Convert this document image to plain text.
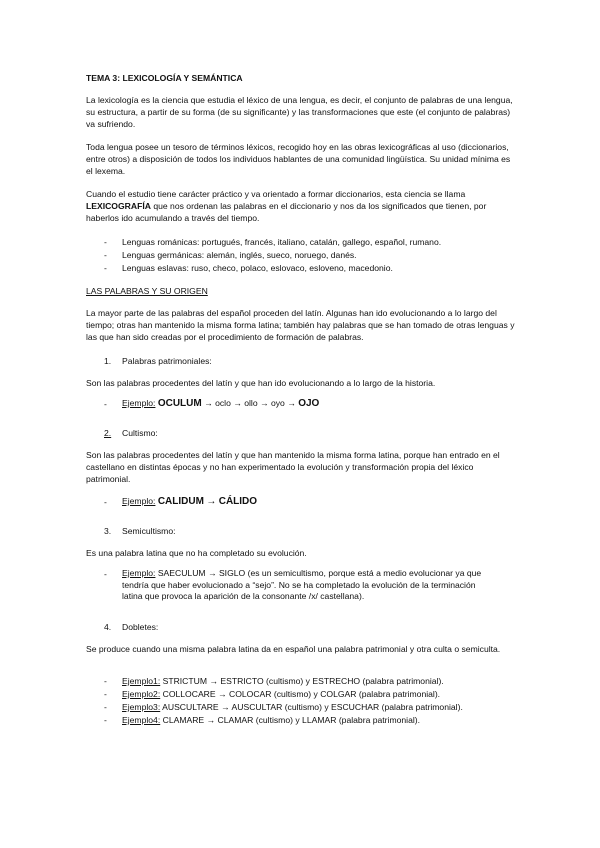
TEMA 3: LEXICOLOGÍA Y SEMÁNTICA

La lexicología es la ciencia que estudia el léxico de una lengua, es decir, el conjunto de palabras de una lengua, su estructura, a partir de su forma (de su significante) y las transformaciones que este (el conjunto de palabras) va sufriendo.

Toda lengua posee un tesoro de términos léxicos, recogido hoy en las obras lexicográficas al uso (diccionarios, entre otros) a disposición de todos los individuos hablantes de una comunidad lingüística. Su unidad mínima es el lexema.

Cuando el estudio tiene carácter práctico y va orientado a formar diccionarios, esta ciencia se llama LEXICOGRAFÍA que nos ordenan las palabras en el diccionario y nos da los significados que tienen, por haberlos ido acumulando a través del tiempo.

- Lenguas románicas: portugués, francés, italiano, catalán, gallego, español, rumano.
- Lenguas germánicas: alemán, inglés, sueco, noruego, danés.
- Lenguas eslavas: ruso, checo, polaco, eslovaco, esloveno, macedonio.

LAS PALABRAS Y SU ORIGEN

La mayor parte de las palabras del español proceden del latín. Algunas han ido evolucionando a lo largo del tiempo; otras han mantenido la misma forma latina; también hay palabras que se han tomado de otras lenguas y las que han sido creadas por el procedimiento de formación de palabras.

1. Palabras patrimoniales:

Son las palabras procedentes del latín y que han ido evolucionando a lo largo de la historia.

- Ejemplo: OCULUM → oclo → ollo → oyo → OJO
2. Cultismo:

Son las palabras procedentes del latín y que han mantenido la misma forma latina, porque han entrado en el castellano en distintas épocas y no han experimentado la evolución y transformación propia del léxico patrimonial.

- Ejemplo: CALIDUM → CÁLIDO
3. Semicultismo:

Es una palabra latina que no ha completado su evolución.

- Ejemplo: SAECULUM → SIGLO (es un semicultismo, porque está a medio evolucionar ya que tendría que haber evolucionado a “sejo”. No se ha completado la evolución de la terminación latina que provoca la aparición de la consonante /x/ castellana).
4. Dobletes:

Se produce cuando una misma palabra latina da en español una palabra patrimonial y otra culta o semiculta.

- Ejemplo1: STRICTUM → ESTRICTO (cultismo) y ESTRECHO (palabra patrimonial).
- Ejemplo2: COLLOCARE → COLOCAR (cultismo) y COLGAR (palabra patrimonial).
- Ejemplo3: AUSCULTARE → AUSCULTAR (cultismo) y ESCUCHAR (palabra patrimonial).
- Ejemplo4: CLAMARE → CLAMAR (cultismo) y LLAMAR (palabra patrimonial).
